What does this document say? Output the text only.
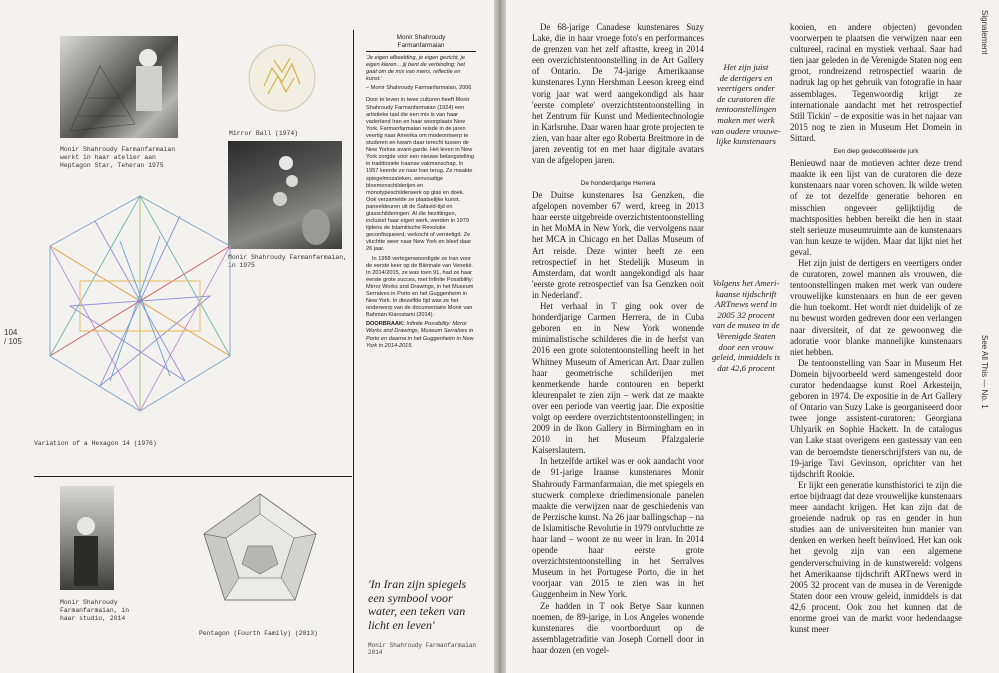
Monir Shahroudy Farmanfarmaian
werkt in haar atelier aan
Heptagon Star, Teheran 1975
Mirror Ball (1974)
Monir Shahroudy Farmanfarmaian,
in 1975
Variation of a Hexagon 14 (1976)
Monir Shahroudy
Farmanfarmaian, in
haar studio, 2014
Pentagon (Fourth Family) (2013)
104
/ 105
Monir Shahroudy
Farmanfarmaian

'Je eigen afbeelding, je eigen gezicht, je eigen kleren... jij bent de verbinding; het gaat om de mix van mens, reflectie en kunst.'

– Monir Shahroudy Farmanfarmaian, 2006

Door te leven in twee culturen heeft Monir Shahroudy Farmanfarmaian (1924) een artistieke taal die een mix is van haar vaderland Iran en haar woonplaats New York. Farmanfarmaian reisde in de jaren veertig naar Amerika om modeontwerp te studeren en kwam daar terecht tussen de New Yorkse avant-garde. Het leven in New York zorgde voor een nieuwe belangstelling in traditionele Iraanse vakmanschap. In 1957 keerde ze naar Iran terug. Ze maakte spiegelmozaïeken, eenvoudige bloemenschilderijen en monotypeschilderwerk op glas en doek. Ook verzamelde ze plaatselijke kunst, paneeldeuren uit de Safavid-tijd en glasschilderingen. Al die bezittingen, inclusief haar eigen werk, werden in 1979 tijdens de Islamitische Revolutie geconfisqueerd, verkocht of vernietigd. Ze vluchtte weer naar New York en bleef daar 26 jaar.

In 1958 vertegenwoordigde ze Iran voor de eerste keer op de Biënnale van Venetië. In 2014/2015, ze was toen 91, had ze haar eerste grote succes, met Infinite Possibility: Mirror Works and Drawings, in het Museum Serralves in Porto en het Guggenheim in New York. In diezelfde tijd was ze het onderwerp van de documentaire Monir van Bahman Kiarostami (2014).

DOORBRAAK: Infinite Possibility: Mirror Works and Drawings, Museum Serralves in Porto en daarna in het Guggenheim in New York in 2014-2015.

'In Iran zijn spiegels
een symbool voor
water, een teken van
licht en leven'
Monir Shahroudy Farmanfarmaian
2014

De 68-jarige Canadese kunstenares Suzy Lake, die in haar vroege foto's en performances de grenzen van het zelf aftastte, kreeg in 2014 een overzichtstentoonstelling in de Art Gallery of Ontario. De 74-jarige Amerikaanse kunstenares Lynn Hershman Leeson kreeg eind vorig jaar wat werd aangekondigd als haar 'eerste complete' overzichtstentoonstelling in het Zentrum für Kunst und Medientechnologie in Karlsruhe. Daar waren haar grote projecten te zien, van haar alter ego Roberta Breitmore in de jaren zeventig tot en met haar digitale avatars van de afgelopen jaren.

De honderdjarige Herrera

De Duitse kunstenares Isa Genzken, die afgelopen november 67 werd, kreeg in 2013 haar eerste uitgebreide overzichtstentoonstelling in het MoMA in New York, die vervolgens naar het MCA in Chicago en het Dallas Museum of Art reisde. Deze winter heeft ze een retrospectief in het Stedelijk Museum in Amsterdam, dat wordt aangekondigd als haar 'eerste grote retrospectief van Isa Genzken ooit in Nederland'.

Het verhaal in T ging ook over de honderdjarige Carmen Herrera, de in Cuba geboren en in New York wonende minimalistische schilderes die in de herfst van 2016 een grote solotentoonstelling heeft in het Whitney Museum of American Art. Daar zullen haar geometrische schilderijen met kenmerkende harde contouren en beperkt kleurenpalet te zien zijn – werk dat ze maakte over een periode van veertig jaar. Die expositie volgt op eerdere overzichtstentoonstellingen; in 2009 in de Ikon Gallery in Birmingham en in 2010 in het Museum Pfalzgalerie Kaiserslautern.

In hetzelfde artikel was er ook aandacht voor de 91-jarige Iraanse kunstenares Monir Shahroudy Farmanfarmaian, die met spiegels en stucwerk complexe driedimensionale panelen maakte die verwijzen naar de geschiedenis van de Perzische kunst. Na 26 jaar ballingschap – na de Islamitische Revolutie in 1979 ontvluchtte ze haar land – woont ze nu weer in Iran. In 2014 opende haar eerste grote overzichtstentoonstelling in het Serralves Museum in het Portugese Porto, die in het voorjaar van 2015 te zien was in het Guggenheim in New York.

Ze hadden in T ook Betye Saar kunnen noemen, de 89-jarige, in Los Angeles wonende kunstenares die voortborduurt op de assemblagetraditie van Joseph Cornell door in haar dozen (en vogel-

Het zijn juist
de dertigers en
veertigers onder
de curatoren die
tentoonstellingen
maken met werk
van oudere vrouwe-
lijke kunstenaars
Volgens het Ameri-
kaanse tijdschrift
ARTnews werd in
2005 32 procent
van de musea in de
Verenigde Staten
door een vrouw
geleid, inmiddels is
dat 42,6 procent

kooien, en andere objecten) gevonden voorwerpen te plaatsen die verwijzen naar een cultureel, racinal en mystiek verhaal. Saar had tien jaar geleden in de Verenigde Staten nog een groot, rondreizend retrospectief waarin de nadruk lag op het gebruik van fotografie in haar assemblages. Tegenwoordig krijgt ze internationale aandacht met het retrospectief Still Tickin' – de expositie was in het najaar van 2015 nog te zien in Museum Het Domein in Sittard.

Een diep gedecolliteerde jurk

Benieuwd naar de motieven achter deze trend maakte ik een lijst van de curatoren die deze kunstenaars naar voren schoven. Ik wilde weten of ze tot dezelfde generatie behoren en misschien ongeveer gelijktijdig de machtsposities hebben bereikt die hen in staat stelt serieuze museumruimte aan de kunstenaars van hun keuze te wijden. Maar dat lijkt niet het geval.

Het zijn juist de dertigers en veertigers onder de curatoren, zowel mannen als vrouwen, die tentoonstellingen maken met werk van oudere vrouwelijke kunstenaars en hun de eer geven die hun toekomt. Het wordt niet duidelijk of ze nu bewust worden gedreven door een verlangen naar diversiteit, of dat ze gewoonweg die adoratie voor blanke mannelijke kunstenaars niet hebben.

De tentoonstelling van Saar in Museum Het Domein bijvoorbeeld werd samengesteld door curator hedendaagse kunst Roel Arkesteijn, geboren in 1974. De expositie in de Art Gallery of Ontario van Suzy Lake is georganiseerd door twee jonge assistent-curatoren: Georgiana Uhlyarik en Sophie Hackett. In de catalogus van Lake staat overigens een gastessay van een van de beroemdste tienerschrijfsters van nu, de 19-jarige Tavi Gevinson, oprichter van het tijdschrift Rookie.

Er lijkt een generatie kunsthistorici te zijn die ertoe bijdraagt dat deze vrouwelijke kunstenaars meer aandacht krijgen. Het kan zijn dat de groeiende nadruk op ras en gender in hun studies aan de universiteiten hun manier van denken en werken heeft beïnvloed. Het kan ook het gevolg zijn van een algemene genderverschuiving in de kunstwereld: volgens het Amerikaanse tijdschrift ARTnews werd in 2005 32 procent van de musea in de Verenigde Staten door een vrouw geleid, inmiddels is dat 42,6 procent. Ook zou het kunnen dat de enorme groei van de markt voor hedendaagse kunst meer

Signalement
See All This — No. 1
